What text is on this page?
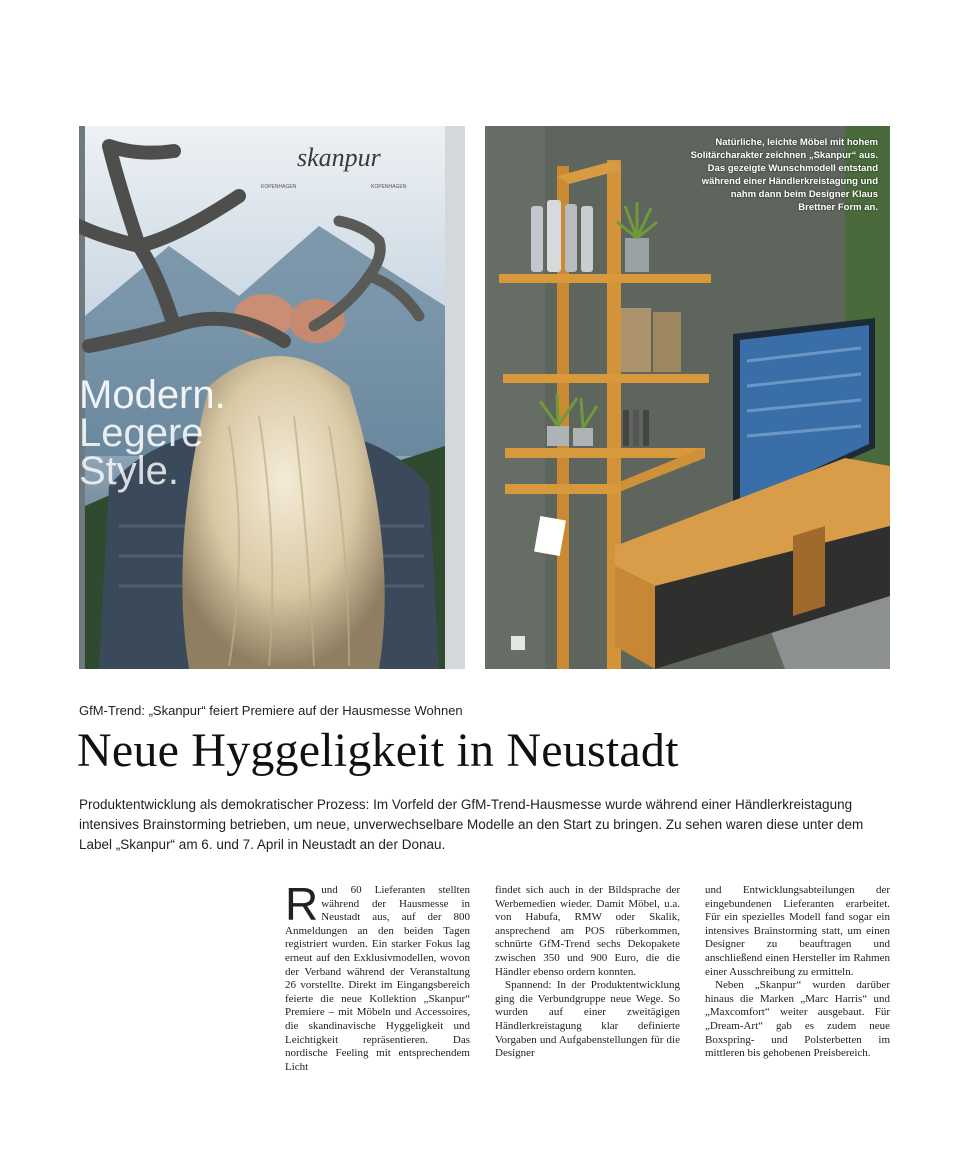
skanpur
KOPENHAGEN	KOPENHAGEN
Modern.
Legere
Style.
Natürliche, leichte Möbel mit hohem
Solitärcharakter zeichnen „Skanpur“ aus.
Das gezeigte Wunschmodell entstand
während einer Händlerkreistagung und
nahm dann beim Designer Klaus
Brettner Form an.
GfM-Trend: „Skanpur“ feiert Premiere auf der Hausmesse Wohnen
Neue Hyggeligkeit in Neustadt
Produktentwicklung als demokratischer Prozess: Im Vorfeld der GfM-Trend-Hausmesse wurde während einer Händlerkreistagung intensives Brainstorming betrieben, um neue, unverwechselbare Modelle an den Start zu bringen. Zu sehen waren diese unter dem Label „Skanpur“ am 6. und 7. April in Neustadt an der Donau.

Rund 60 Lieferanten stellten während der Hausmesse in Neustadt aus, auf der 800 Anmeldungen an den beiden Tagen registriert wurden. Ein starker Fokus lag erneut auf den Exklusivmodellen, wovon der Verband während der Veranstaltung 26 vorstellte. Direkt im Eingangsbereich feierte die neue Kollektion „Skanpur“ Premiere – mit Möbeln und Accessoires, die skandinavische Hyggeligkeit und Leichtigkeit repräsentieren. Das nordische Feeling mit entsprechendem Licht

findet sich auch in der Bildsprache der Werbemedien wieder. Damit Möbel, u.a. von Habufa, RMW oder Skalik, ansprechend am POS rüberkommen, schnürte GfM-Trend sechs Dekopakete zwischen 350 und 900 Euro, die die Händler ebenso ordern konnten.

Spannend: In der Produktentwicklung ging die Verbundgruppe neue Wege. So wurden auf einer zweitägigen Händlerkreistagung klar definierte Vorgaben und Aufgabenstellungen für die Designer

und Entwicklungsabteilungen der eingebundenen Lieferanten erarbeitet. Für ein spezielles Modell fand sogar ein intensives Brainstorming statt, um einen Designer zu beauftragen und anschließend einen Hersteller im Rahmen einer Ausschreibung zu ermitteln.

Neben „Skanpur“ wurden darüber hinaus die Marken „Marc Harris“ und „Maxcomfort“ weiter ausgebaut. Für „Dream-Art“ gab es zudem neue Boxspring- und Polsterbetten im mittleren bis gehobenen Preisbereich.
